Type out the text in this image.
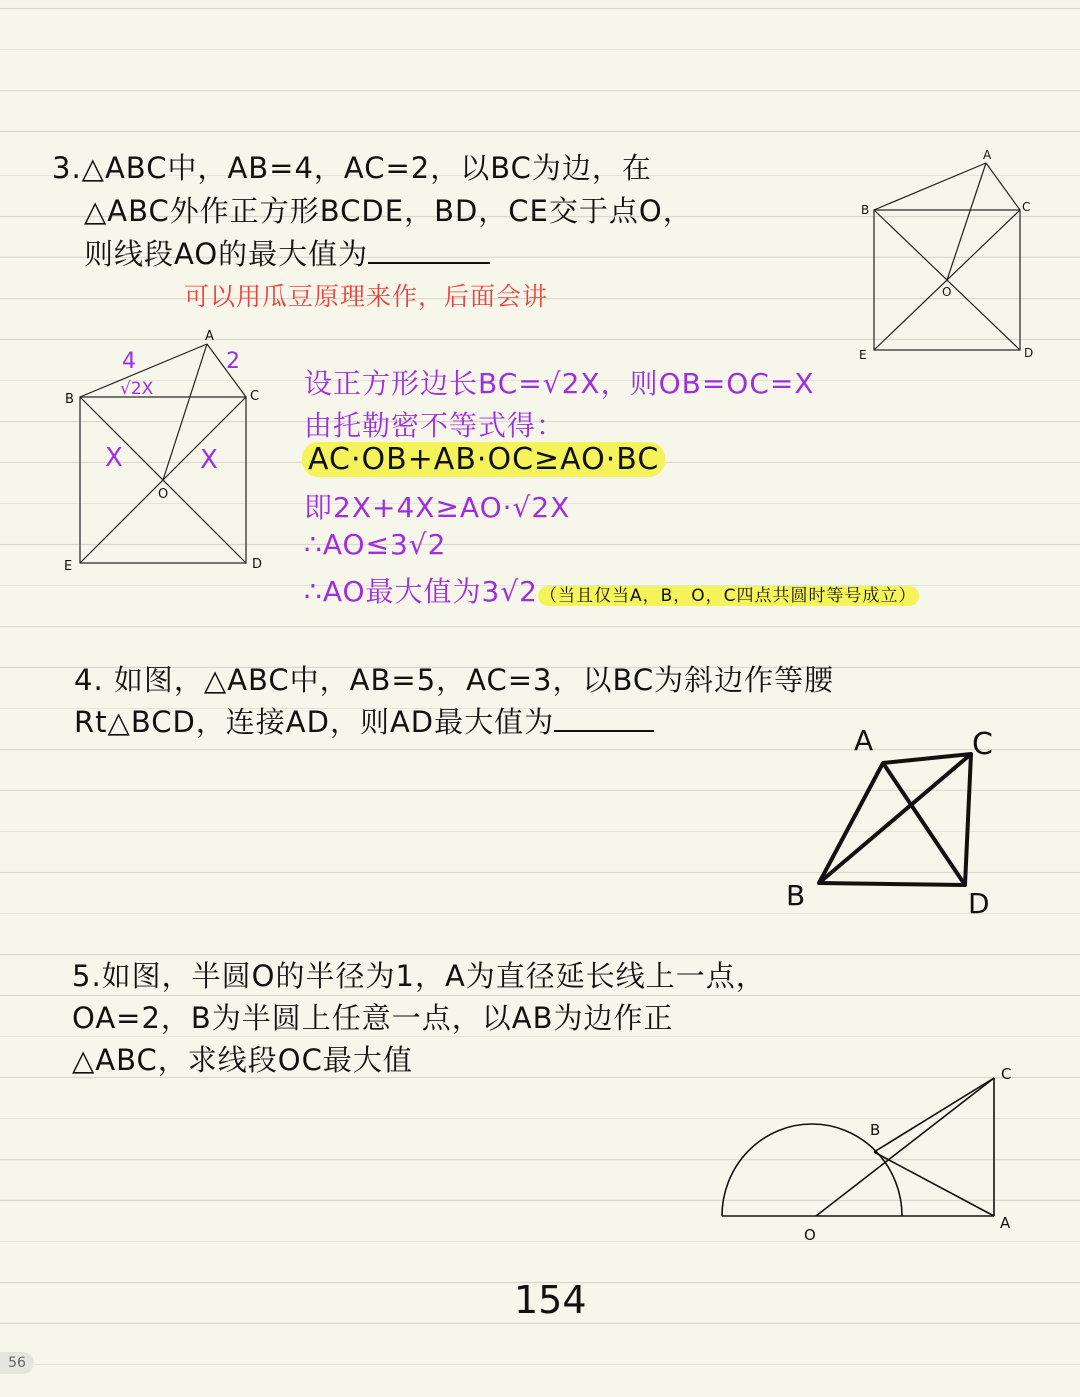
3.△ABC中，AB=4，AC=2，以BC为边，在
△ABC外作正方形BCDE，BD，CE交于点O，
则线段AO的最大值为
可以用瓜豆原理来作，后面会讲
设正方形边长BC=√2X，则OB=OC=X
由托勒密不等式得：
AC·OB+AB·OC≥AO·BC
即2X+4X≥AO·√2X
∴AO≤3√2
∴AO最大值为3√2 （当且仅当A，B，O，C四点共圆时等号成立）
A
B	C
D
E
O
A
B	C
D
E
O
4	2
√2X
X	X
4. 如图，△ABC中，AB=5，AC=3，以BC为斜边作等腰
Rt△BCD，连接AD，则AD最大值为
A	C
B	D
5.如图，半圆O的半径为1，A为直径延长线上一点，
OA=2，B为半圆上任意一点，以AB为边作正
△ABC，求线段OC最大值	C
B
O
A
154
56
